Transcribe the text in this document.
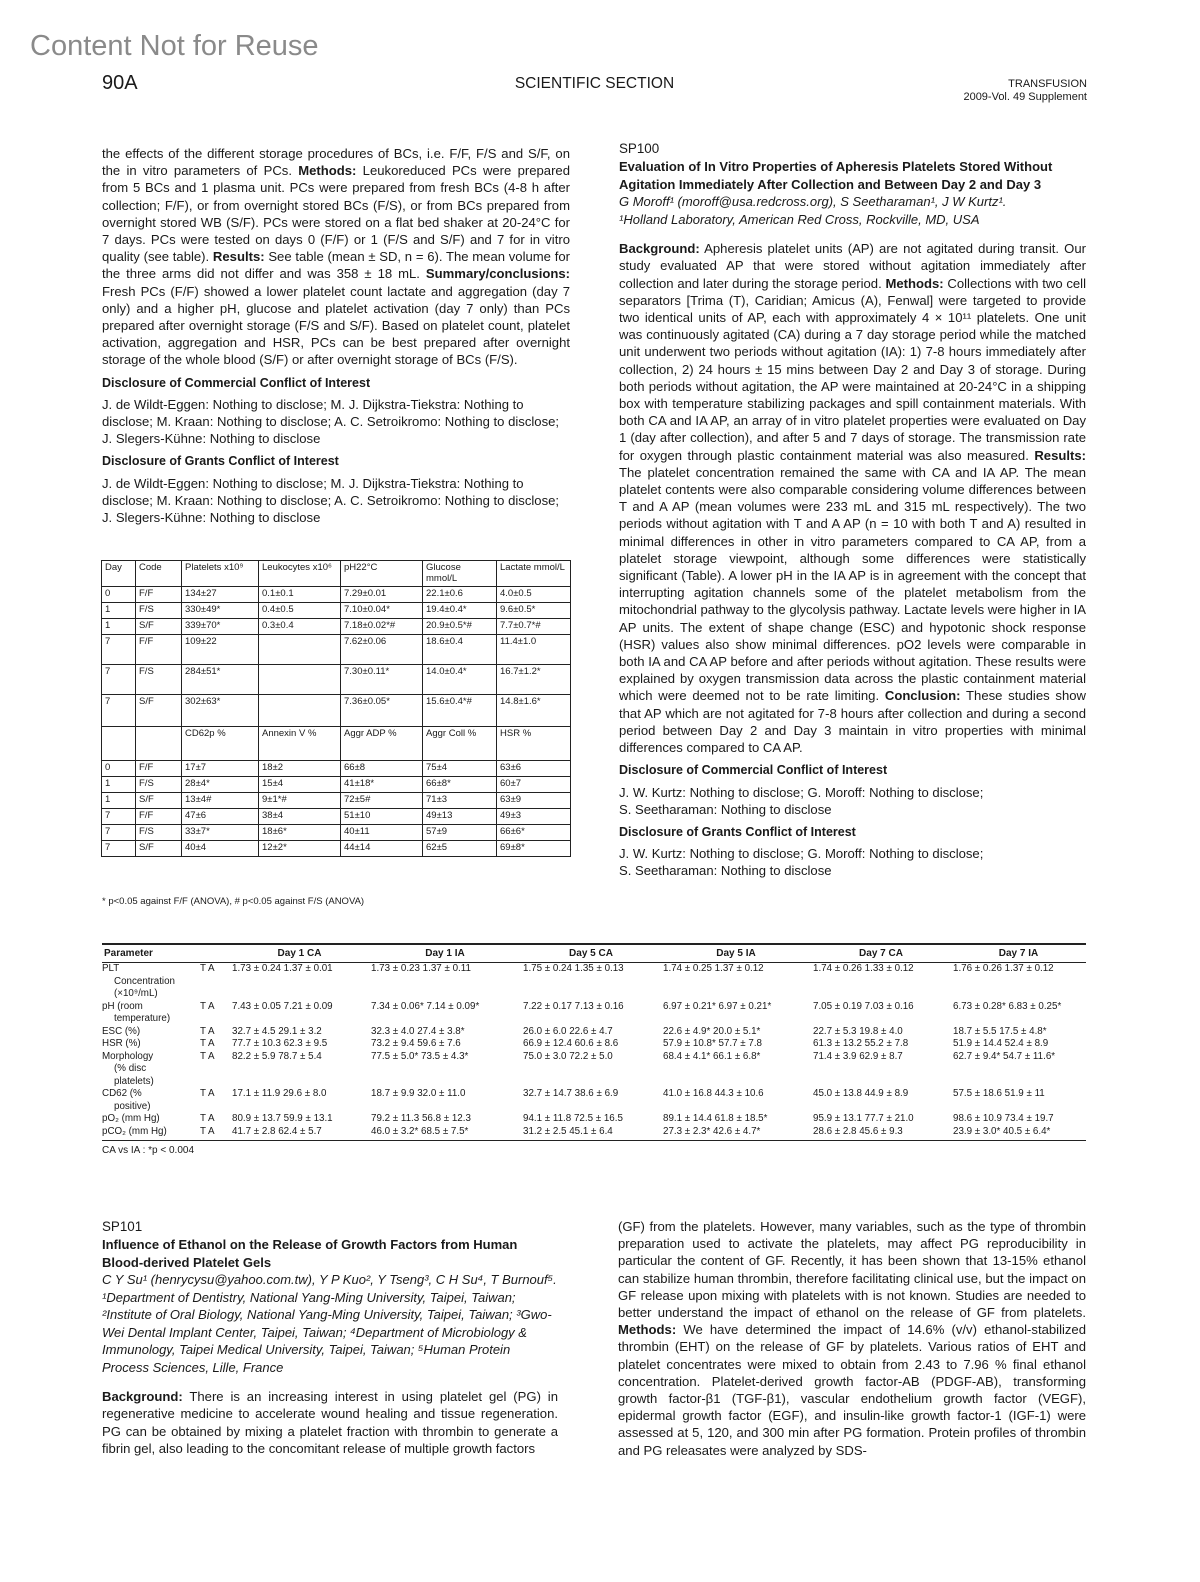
Content Not for Reuse
90A	SCIENTIFIC SECTION	TRANSFUSION
2009-Vol. 49 Supplement

the effects of the different storage procedures of BCs, i.e. F/F, F/S and S/F, on the in vitro parameters of PCs. Methods: Leukoreduced PCs were prepared from 5 BCs and 1 plasma unit. PCs were prepared from fresh BCs (4-8 h after collection; F/F), or from overnight stored BCs (F/S), or from BCs prepared from overnight stored WB (S/F). PCs were stored on a flat bed shaker at 20-24°C for 7 days. PCs were tested on days 0 (F/F) or 1 (F/S and S/F) and 7 for in vitro quality (see table). Results: See table (mean ± SD, n = 6). The mean volume for the three arms did not differ and was 358 ± 18 mL. Summary/conclusions: Fresh PCs (F/F) showed a lower platelet count lactate and aggregation (day 7 only) and a higher pH, glucose and platelet activation (day 7 only) than PCs prepared after overnight storage (F/S and S/F). Based on platelet count, platelet activation, aggregation and HSR, PCs can be best prepared after overnight storage of the whole blood (S/F) or after overnight storage of BCs (F/S).

Disclosure of Commercial Conflict of Interest

J. de Wildt-Eggen: Nothing to disclose; M. J. Dijkstra-Tiekstra: Nothing to disclose; M. Kraan: Nothing to disclose; A. C. Setroikromo: Nothing to disclose; J. Slegers-Kühne: Nothing to disclose

Disclosure of Grants Conflict of Interest

J. de Wildt-Eggen: Nothing to disclose; M. J. Dijkstra-Tiekstra: Nothing to disclose; M. Kraan: Nothing to disclose; A. C. Setroikromo: Nothing to disclose; J. Slegers-Kühne: Nothing to disclose

Day	Code	Platelets x10⁹	Leukocytes x10⁶	pH22°C	Glucose mmol/L	Lactate mmol/L
0	F/F	134±27	0.1±0.1	7.29±0.01	22.1±0.6	4.0±0.5
1	F/S	330±49*	0.4±0.5	7.10±0.04*	19.4±0.4*	9.6±0.5*
1	S/F	339±70*	0.3±0.4	7.18±0.02*#	20.9±0.5*#	7.7±0.7*#
7	F/F	109±22		7.62±0.06	18.6±0.4	11.4±1.0
7	F/S	284±51*		7.30±0.11*	14.0±0.4*	16.7±1.2*
7	S/F	302±63*		7.36±0.05*	15.6±0.4*#	14.8±1.6*
		CD62p %	Annexin V %	Aggr ADP %	Aggr Coll %	HSR %
0	F/F	17±7	18±2	66±8	75±4	63±6
1	F/S	28±4*	15±4	41±18*	66±8*	60±7
1	S/F	13±4#	9±1*#	72±5#	71±3	63±9
7	F/F	47±6	38±4	51±10	49±13	49±3
7	F/S	33±7*	18±6*	40±11	57±9	66±6*
7	S/F	40±4	12±2*	44±14	62±5	69±8*
* p<0.05 against F/F (ANOVA), # p<0.05 against F/S (ANOVA)
SP100
Evaluation of In Vitro Properties of Apheresis Platelets Stored Without Agitation Immediately After Collection and Between Day 2 and Day 3
G Moroff¹ (moroff@usa.redcross.org), S Seetharaman¹, J W Kurtz¹.
¹Holland Laboratory, American Red Cross, Rockville, MD, USA

Background: Apheresis platelet units (AP) are not agitated during transit. Our study evaluated AP that were stored without agitation immediately after collection and later during the storage period. Methods: Collections with two cell separators [Trima (T), Caridian; Amicus (A), Fenwal] were targeted to provide two identical units of AP, each with approximately 4 × 10¹¹ platelets. One unit was continuously agitated (CA) during a 7 day storage period while the matched unit underwent two periods without agitation (IA): 1) 7-8 hours immediately after collection, 2) 24 hours ± 15 mins between Day 2 and Day 3 of storage. During both periods without agitation, the AP were maintained at 20-24°C in a shipping box with temperature stabilizing packages and spill containment materials. With both CA and IA AP, an array of in vitro platelet properties were evaluated on Day 1 (day after collection), and after 5 and 7 days of storage. The transmission rate for oxygen through plastic containment material was also measured. Results: The platelet concentration remained the same with CA and IA AP. The mean platelet contents were also comparable considering volume differences between T and A AP (mean volumes were 233 mL and 315 mL respectively). The two periods without agitation with T and A AP (n = 10 with both T and A) resulted in minimal differences in other in vitro parameters compared to CA AP, from a platelet storage viewpoint, although some differences were statistically significant (Table). A lower pH in the IA AP is in agreement with the concept that interrupting agitation channels some of the platelet metabolism from the mitochondrial pathway to the glycolysis pathway. Lactate levels were higher in IA AP units. The extent of shape change (ESC) and hypotonic shock response (HSR) values also show minimal differences. pO2 levels were comparable in both IA and CA AP before and after periods without agitation. These results were explained by oxygen transmission data across the plastic containment material which were deemed not to be rate limiting. Conclusion: These studies show that AP which are not agitated for 7-8 hours after collection and during a second period between Day 2 and Day 3 maintain in vitro properties with minimal differences compared to CA AP.

Disclosure of Commercial Conflict of Interest

J. W. Kurtz: Nothing to disclose; G. Moroff: Nothing to disclose;

S. Seetharaman: Nothing to disclose

Disclosure of Grants Conflict of Interest

J. W. Kurtz: Nothing to disclose; G. Moroff: Nothing to disclose;

S. Seetharaman: Nothing to disclose

Parameter		Day 1 CA	Day 1 IA	Day 5 CA	Day 5 IA	Day 7 CA	Day 7 IA

PLT
Concentration
(×10⁹/mL)	T A	1.73 ± 0.24 1.37 ± 0.01	1.73 ± 0.23 1.37 ± 0.11	1.75 ± 0.24 1.35 ± 0.13	1.74 ± 0.25 1.37 ± 0.12	1.74 ± 0.26 1.33 ± 0.12	1.76 ± 0.26 1.37 ± 0.12

pH (room
temperature)	T A	7.43 ± 0.05 7.21 ± 0.09	7.34 ± 0.06* 7.14 ± 0.09*	7.22 ± 0.17 7.13 ± 0.16	6.97 ± 0.21* 6.97 ± 0.21*	7.05 ± 0.19 7.03 ± 0.16	6.73 ± 0.28* 6.83 ± 0.25*

ESC (%)	T A	32.7 ± 4.5 29.1 ± 3.2	32.3 ± 4.0 27.4 ± 3.8*	26.0 ± 6.0 22.6 ± 4.7	22.6 ± 4.9* 20.0 ± 5.1*	22.7 ± 5.3 19.8 ± 4.0	18.7 ± 5.5 17.5 ± 4.8*

HSR (%)	T A	77.7 ± 10.3 62.3 ± 9.5	73.2 ± 9.4 59.6 ± 7.6	66.9 ± 12.4 60.6 ± 8.6	57.9 ± 10.8* 57.7 ± 7.8	61.3 ± 13.2 55.2 ± 7.8	51.9 ± 14.4 52.4 ± 8.9

Morphology
(% disc
platelets)	T A	82.2 ± 5.9 78.7 ± 5.4	77.5 ± 5.0* 73.5 ± 4.3*	75.0 ± 3.0 72.2 ± 5.0	68.4 ± 4.1* 66.1 ± 6.8*	71.4 ± 3.9 62.9 ± 8.7	62.7 ± 9.4* 54.7 ± 11.6*

CD62 (%
positive)	T A	17.1 ± 11.9 29.6 ± 8.0	18.7 ± 9.9 32.0 ± 11.0	32.7 ± 14.7 38.6 ± 6.9	41.0 ± 16.8 44.3 ± 10.6	45.0 ± 13.8 44.9 ± 8.9	57.5 ± 18.6 51.9 ± 11

pO₂ (mm Hg)	T A	80.9 ± 13.7 59.9 ± 13.1	79.2 ± 11.3 56.8 ± 12.3	94.1 ± 11.8 72.5 ± 16.5	89.1 ± 14.4 61.8 ± 18.5*	95.9 ± 13.1 77.7 ± 21.0	98.6 ± 10.9 73.4 ± 19.7

pCO₂ (mm Hg)	T A	41.7 ± 2.8 62.4 ± 5.7	46.0 ± 3.2* 68.5 ± 7.5*	31.2 ± 2.5 45.1 ± 6.4	27.3 ± 2.3* 42.6 ± 4.7*	28.6 ± 2.8 45.6 ± 9.3	23.9 ± 3.0* 40.5 ± 6.4*
CA vs IA : *p < 0.004
SP101
Influence of Ethanol on the Release of Growth Factors from Human Blood-derived Platelet Gels
C Y Su¹ (henrycysu@yahoo.com.tw), Y P Kuo², Y Tseng³, C H Su⁴, T Burnouf⁵. ¹Department of Dentistry, National Yang-Ming University, Taipei, Taiwan; ²Institute of Oral Biology, National Yang-Ming University, Taipei, Taiwan; ³Gwo-Wei Dental Implant Center, Taipei, Taiwan; ⁴Department of Microbiology & Immunology, Taipei Medical University, Taipei, Taiwan; ⁵Human Protein Process Sciences, Lille, France

Background: There is an increasing interest in using platelet gel (PG) in regenerative medicine to accelerate wound healing and tissue regeneration. PG can be obtained by mixing a platelet fraction with thrombin to generate a fibrin gel, also leading to the concomitant release of multiple growth factors

(GF) from the platelets. However, many variables, such as the type of thrombin preparation used to activate the platelets, may affect PG reproducibility in particular the content of GF. Recently, it has been shown that 13-15% ethanol can stabilize human thrombin, therefore facilitating clinical use, but the impact on GF release upon mixing with platelets with is not known. Studies are needed to better understand the impact of ethanol on the release of GF from platelets. Methods: We have determined the impact of 14.6% (v/v) ethanol-stabilized thrombin (EHT) on the release of GF by platelets. Various ratios of EHT and platelet concentrates were mixed to obtain from 2.43 to 7.96 % final ethanol concentration. Platelet-derived growth factor-AB (PDGF-AB), transforming growth factor-β1 (TGF-β1), vascular endothelium growth factor (VEGF), epidermal growth factor (EGF), and insulin-like growth factor-1 (IGF-1) were assessed at 5, 120, and 300 min after PG formation. Protein profiles of thrombin and PG releasates were analyzed by SDS-
